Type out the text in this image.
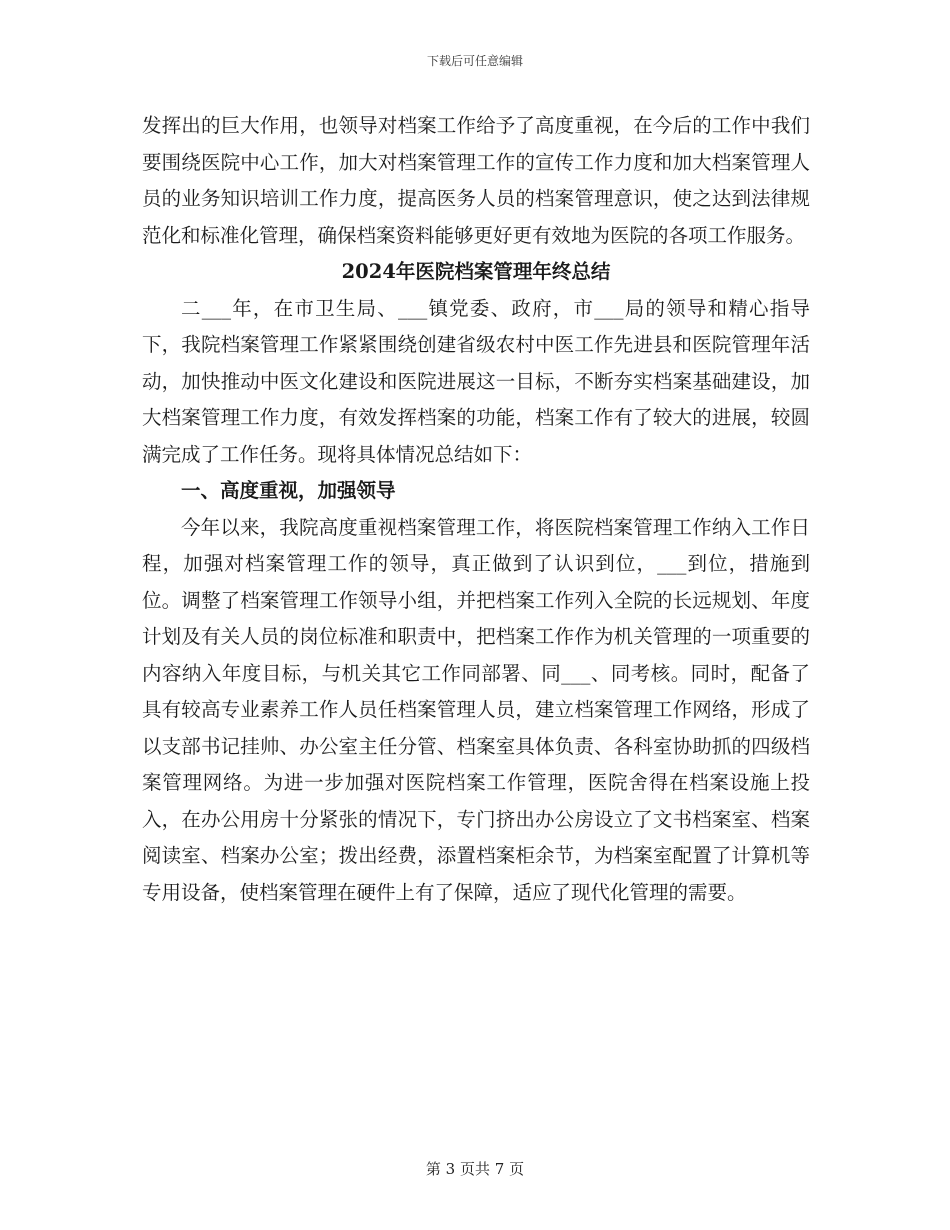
下载后可任意编辑

发挥出的巨大作用，也领导对档案工作给予了高度重视，在今后的工作中我们要围绕医院中心工作，加大对档案管理工作的宣传工作力度和加大档案管理人员的业务知识培训工作力度，提高医务人员的档案管理意识，使之达到法律规范化和标准化管理，确保档案资料能够更好更有效地为医院的各项工作服务。

2024年医院档案管理年终总结

二___年，在市卫生局、___镇党委、政府，市___局的领导和精心指导下，我院档案管理工作紧紧围绕创建省级农村中医工作先进县和医院管理年活动，加快推动中医文化建设和医院进展这一目标，不断夯实档案基础建设，加大档案管理工作力度，有效发挥档案的功能，档案工作有了较大的进展，较圆满完成了工作任务。现将具体情况总结如下：

一、高度重视，加强领导

今年以来，我院高度重视档案管理工作，将医院档案管理工作纳入工作日程，加强对档案管理工作的领导，真正做到了认识到位，___到位，措施到位。调整了档案管理工作领导小组，并把档案工作列入全院的长远规划、年度计划及有关人员的岗位标准和职责中，把档案工作作为机关管理的一项重要的内容纳入年度目标，与机关其它工作同部署、同___、同考核。同时，配备了具有较高专业素养工作人员任档案管理人员，建立档案管理工作网络，形成了以支部书记挂帅、办公室主任分管、档案室具体负责、各科室协助抓的四级档案管理网络。为进一步加强对医院档案工作管理，医院舍得在档案设施上投入，在办公用房十分紧张的情况下，专门挤出办公房设立了文书档案室、档案阅读室、档案办公室；拨出经费，添置档案柜余节，为档案室配置了计算机等专用设备，使档案管理在硬件上有了保障，适应了现代化管理的需要。

第 3 页共 7 页
